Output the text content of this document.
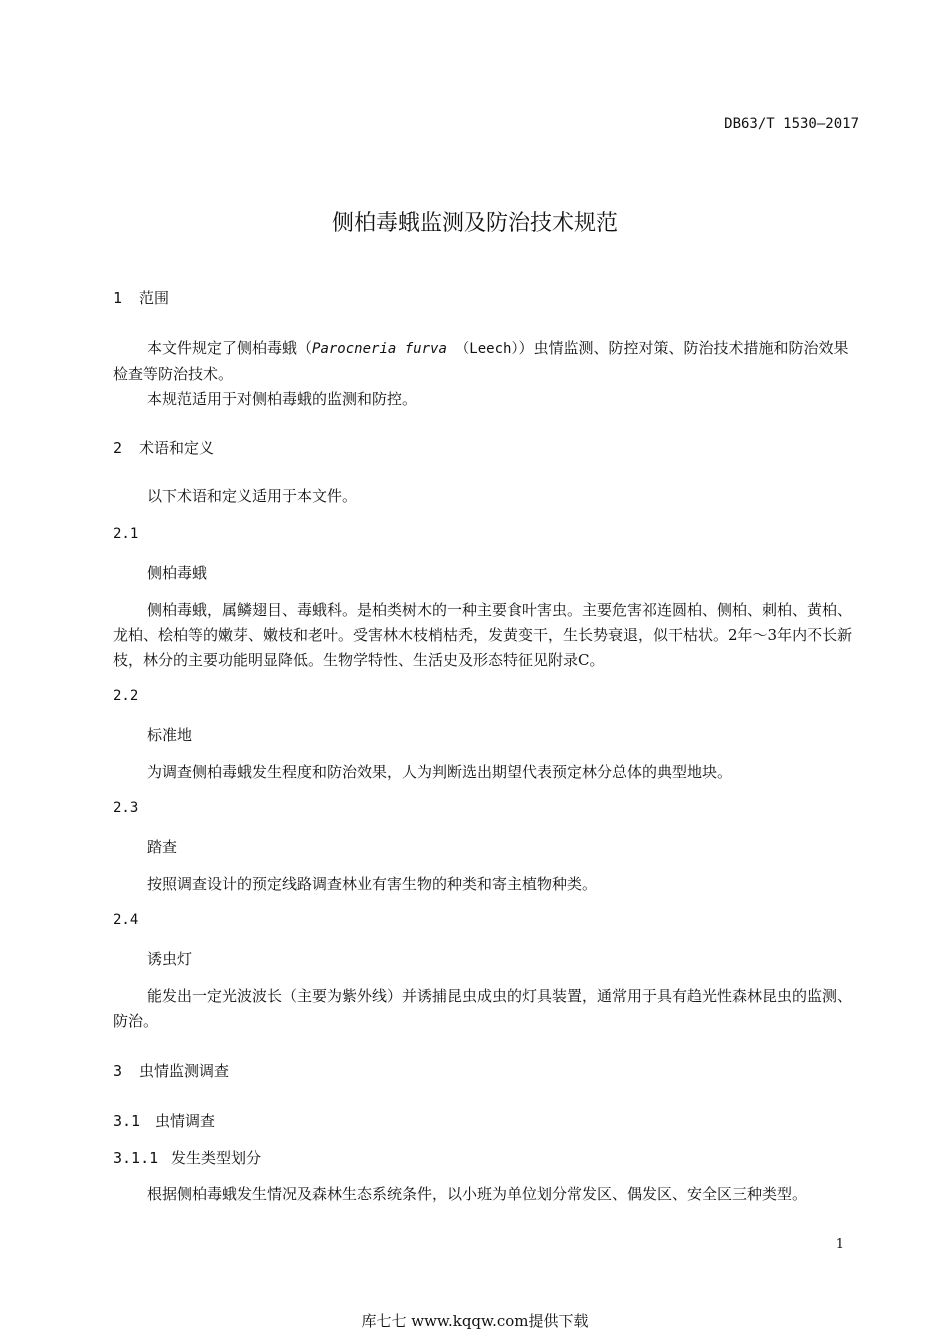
DB63/T 1530—2017
侧柏毒蛾监测及防治技术规范
1 范围

本文件规定了侧柏毒蛾（Parocneria furva （Leech））虫情监测、防控对策、防治技术措施和防治效果检查等防治技术。

本规范适用于对侧柏毒蛾的监测和防控。

2 术语和定义

以下术语和定义适用于本文件。

2.1
侧柏毒蛾

侧柏毒蛾，属鳞翅目、毒蛾科。是柏类树木的一种主要食叶害虫。主要危害祁连圆柏、侧柏、刺柏、黄柏、龙柏、桧柏等的嫩芽、嫩枝和老叶。受害林木枝梢枯秃，发黄变干，生长势衰退，似干枯状。2年～3年内不长新枝，林分的主要功能明显降低。生物学特性、生活史及形态特征见附录C。

2.2
标准地

为调查侧柏毒蛾发生程度和防治效果，人为判断选出期望代表预定林分总体的典型地块。

2.3
踏查

按照调查设计的预定线路调查林业有害生物的种类和寄主植物种类。

2.4
诱虫灯

能发出一定光波波长（主要为紫外线）并诱捕昆虫成虫的灯具装置，通常用于具有趋光性森林昆虫的监测、防治。

3 虫情监测调查
3.1 虫情调查
3.1.1 发生类型划分

根据侧柏毒蛾发生情况及森林生态系统条件，以小班为单位划分常发区、偶发区、安全区三种类型。

1
库七七 www.kqqw.com提供下载
